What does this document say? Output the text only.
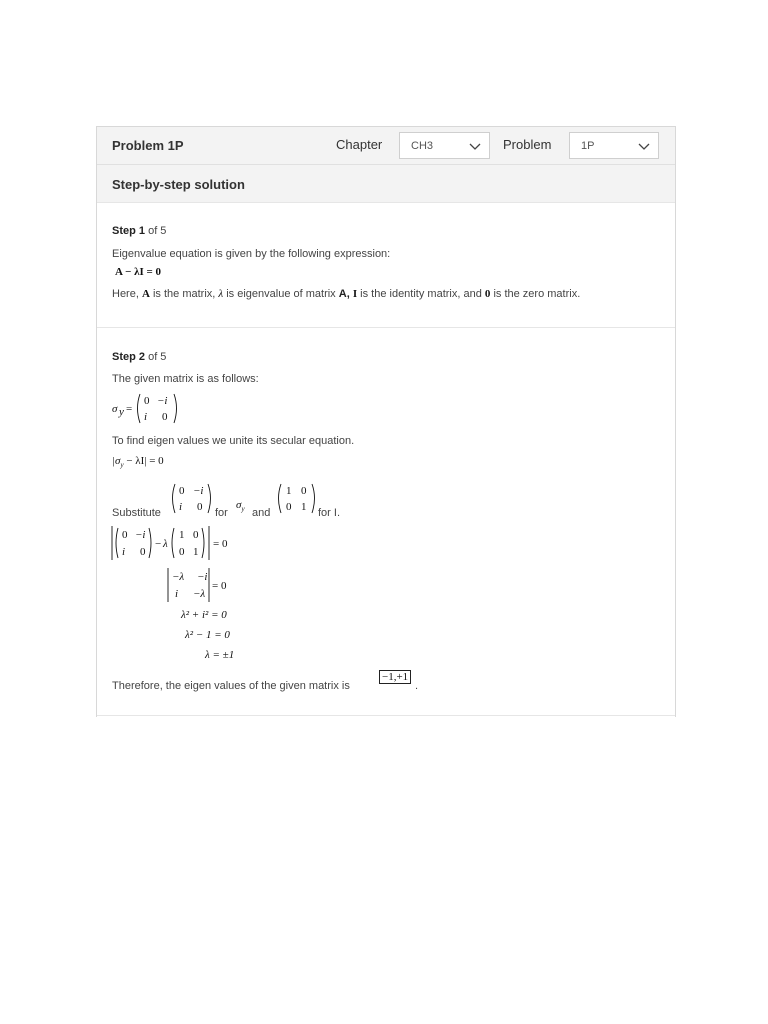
Problem 1P	Chapter	CH3	Problem	1P
Step-by-step solution
Step 1 of 5
Eigenvalue equation is given by the following expression:
A − λI = 0
Here, A is the matrix, λ is eigenvalue of matrix A, I is the identity matrix, and 0 is the zero matrix.
Step 2 of 5
The given matrix is as follows:
σ y =
0 −i
i 0
To find eigen values we unite its secular equation.
$|\sigma_y - \lambda I| = 0$
Substitute
0 −i
i 0 for
$\sigma_y$ and
1 0
0 1 for I.
0 −i
i 0
− λ
1 0
0 1
= 0
−λ −i
i −λ
= 0
λ² + i² = 0
λ² − 1 = 0
λ = ±1
Therefore, the eigen values of the given matrix is
−1,+1
.
